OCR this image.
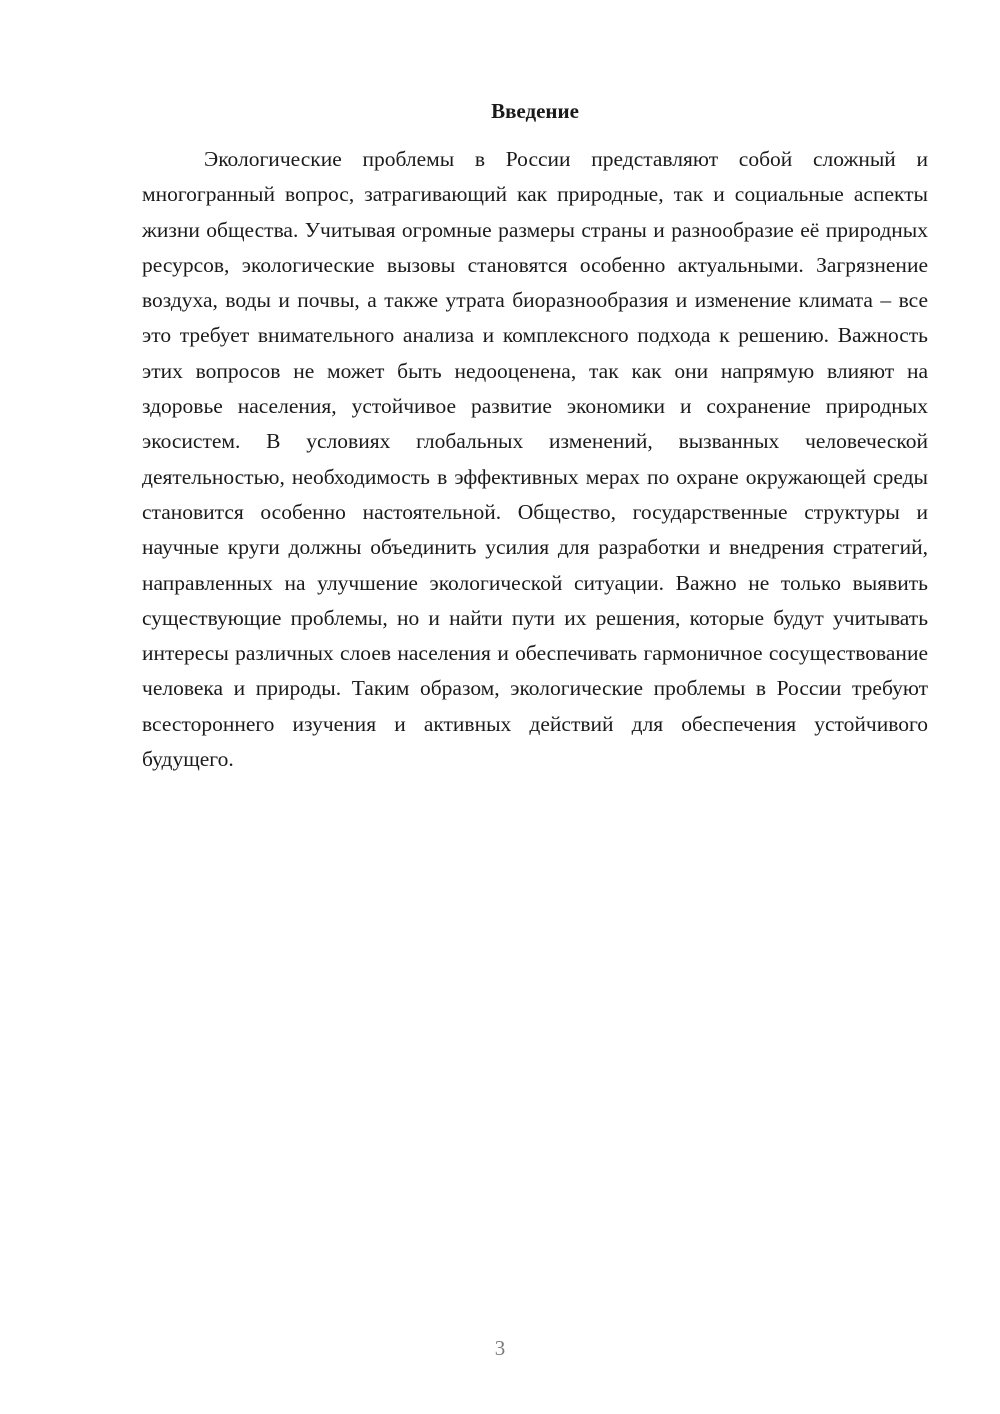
Введение

Экологические проблемы в России представляют собой сложный и многогранный вопрос, затрагивающий как природные, так и социальные аспекты жизни общества. Учитывая огромные размеры страны и разнообразие её природных ресурсов, экологические вызовы становятся особенно актуальными. Загрязнение воздуха, воды и почвы, а также утрата биоразнообразия и изменение климата – все это требует внимательного анализа и комплексного подхода к решению. Важность этих вопросов не может быть недооценена, так как они напрямую влияют на здоровье населения, устойчивое развитие экономики и сохранение природных экосистем. В условиях глобальных изменений, вызванных человеческой деятельностью, необходимость в эффективных мерах по охране окружающей среды становится особенно настоятельной. Общество, государственные структуры и научные круги должны объединить усилия для разработки и внедрения стратегий, направленных на улучшение экологической ситуации. Важно не только выявить существующие проблемы, но и найти пути их решения, которые будут учитывать интересы различных слоев населения и обеспечивать гармоничное сосуществование человека и природы. Таким образом, экологические проблемы в России требуют всестороннего изучения и активных действий для обеспечения устойчивого будущего.

3
